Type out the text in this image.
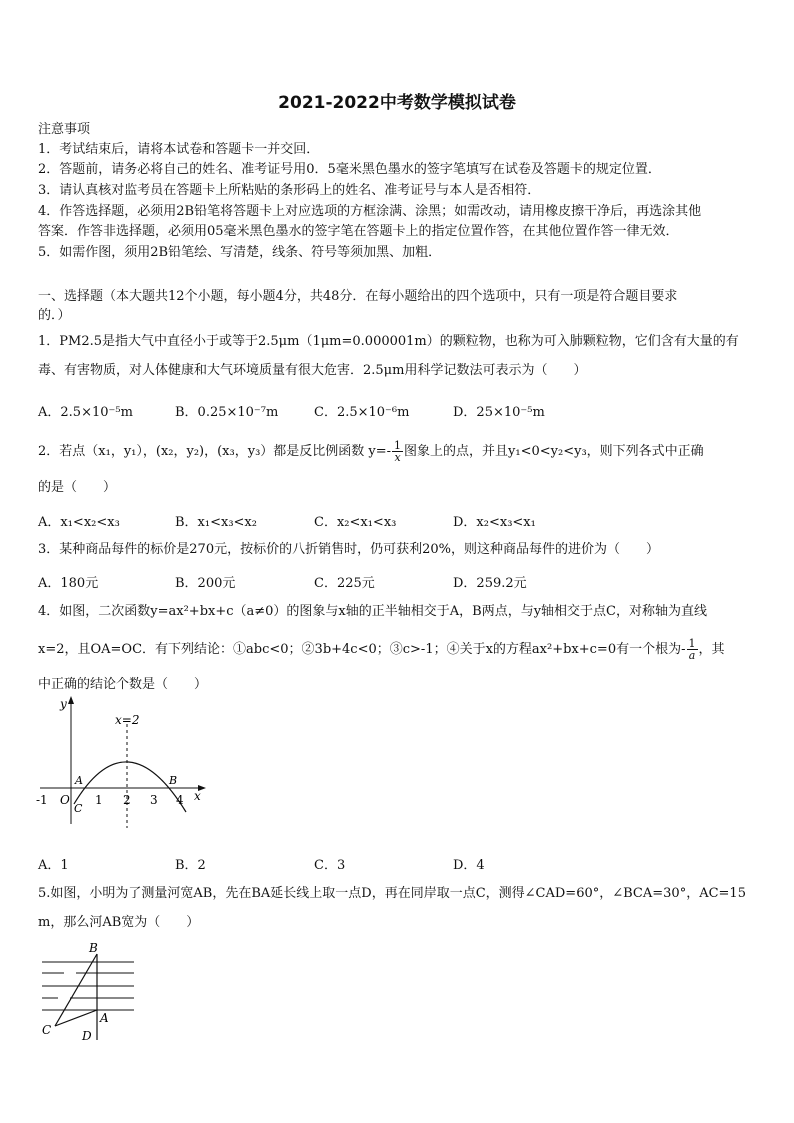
2021-2022中考数学模拟试卷
注意事项
1．考试结束后，请将本试卷和答题卡一并交回．
2．答题前，请务必将自己的姓名、准考证号用0．5毫米黑色墨水的签字笔填写在试卷及答题卡的规定位置．
3．请认真核对监考员在答题卡上所粘贴的条形码上的姓名、准考证号与本人是否相符．
4．作答选择题，必须用2B铅笔将答题卡上对应选项的方框涂满、涂黑；如需改动，请用橡皮擦干净后，再选涂其他
答案．作答非选择题，必须用05毫米黑色墨水的签字笔在答题卡上的指定位置作答，在其他位置作答一律无效．
5．如需作图，须用2B铅笔绘、写清楚，线条、符号等须加黑、加粗．
一、选择题（本大题共12个小题，每小题4分，共48分．在每小题给出的四个选项中，只有一项是符合题目要求
的．）
1．PM2.5是指大气中直径小于或等于2.5μm（1μm=0.000001m）的颗粒物，也称为可入肺颗粒物，它们含有大量的有
毒、有害物质，对人体健康和大气环境质量有很大危害．2.5μm用科学记数法可表示为（　　）
A．2.5×10⁻⁵m	B．0.25×10⁻⁷m	C．2.5×10⁻⁶m	D．25×10⁻⁵m
2．若点（x₁，y₁），(x₂，y₂)，(x₃，y₃）都是反比例函数 $y=- \frac{1}{x}$ 图象上的点，并且y₁<0<y₂<y₃，则下列各式中正确
的是（　　）
A．x₁<x₂<x₃	B．x₁<x₃<x₂	C．x₂<x₁<x₃	D．x₂<x₃<x₁
3．某种商品每件的标价是270元，按标价的八折销售时，仍可获利20%，则这种商品每件的进价为（　　）
A．180元	B．200元	C．225元	D．259.2元
4．如图，二次函数y=ax²+bx+c（a≠0）的图象与x轴的正半轴相交于A，B两点，与y轴相交于点C，对称轴为直线
x=2，且OA=OC．有下列结论：①abc<0；②3b+4c<0；③c>-1；④关于x的方程ax²+bx+c=0有一个根为- $\frac{1}{a}$ ，其
中正确的结论个数是（　　）
y
x
x=2
-1 O 1 2 3 4
A	B
C
A．1	B．2	C．3	D．4
5.如图，小明为了测量河宽AB，先在BA延长线上取一点D，再在同岸取一点C，测得∠CAD=60°，∠BCA=30°，AC=15
m，那么河AB宽为（　　）
B
A
C	D
